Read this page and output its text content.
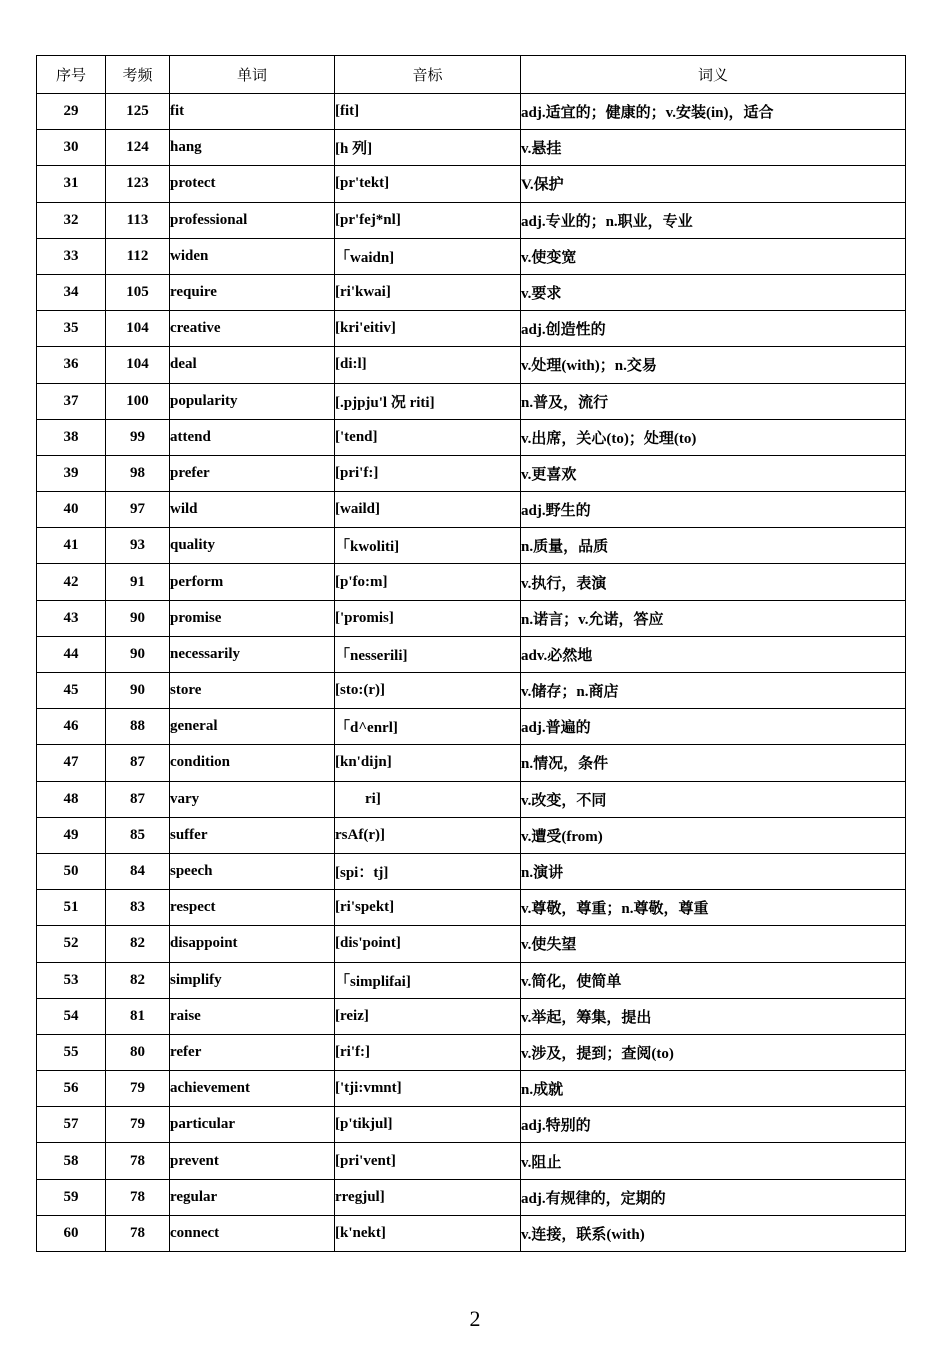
序号	考频	单词	音标	词义
29	125	fit	[fit]	adj.适宜的；健康的；v.安装(in)，适合
30	124	hang	[h 列]	v.悬挂
31	123	protect	[pr'tekt]	V.保护
32	113	professional	[pr'fej*nl]	adj.专业的；n.职业，专业
33	112	widen	「waidn]	v.使变宽
34	105	require	[ri'kwai]	v.要求
35	104	creative	[kri'eitiv]	adj.创造性的
36	104	deal	[di:l]	v.处理(with)；n.交易
37	100	popularity	[.pjpju'l 况 riti]	n.普及，流行
38	99	attend	['tend]	v.出席，关心(to)；处理(to)
39	98	prefer	[pri'f:]	v.更喜欢
40	97	wild	[waild]	adj.野生的
41	93	quality	「kwoliti]	n.质量，品质
42	91	perform	[p'fo:m]	v.执行，表演
43	90	promise	['promis]	n.诺言；v.允诺，答应
44	90	necessarily	「nesserili]	adv.必然地
45	90	store	[sto:(r)]	v.储存；n.商店
46	88	general	「d^enrl]	adj.普遍的
47	87	condition	[kn'dijn]	n.情况，条件
48	87	vary	ri]	v.改变，不同
49	85	suffer	rsAf(r)]	v.遭受(from)
50	84	speech	[spi：tj]	n.演讲
51	83	respect	[ri'spekt]	v.尊敬，尊重；n.尊敬，尊重
52	82	disappoint	[dis'point]	v.使失望
53	82	simplify	「simplifai]	v.简化，使简单
54	81	raise	[reiz]	v.举起，筹集，提出
55	80	refer	[ri'f:]	v.涉及，提到；查阅(to)
56	79	achievement	['tji:vmnt]	n.成就
57	79	particular	[p'tikjul]	adj.特别的
58	78	prevent	[pri'vent]	v.阻止
59	78	regular	rregjul]	adj.有规律的，定期的
60	78	connect	[k'nekt]	v.连接，联系(with)
2
